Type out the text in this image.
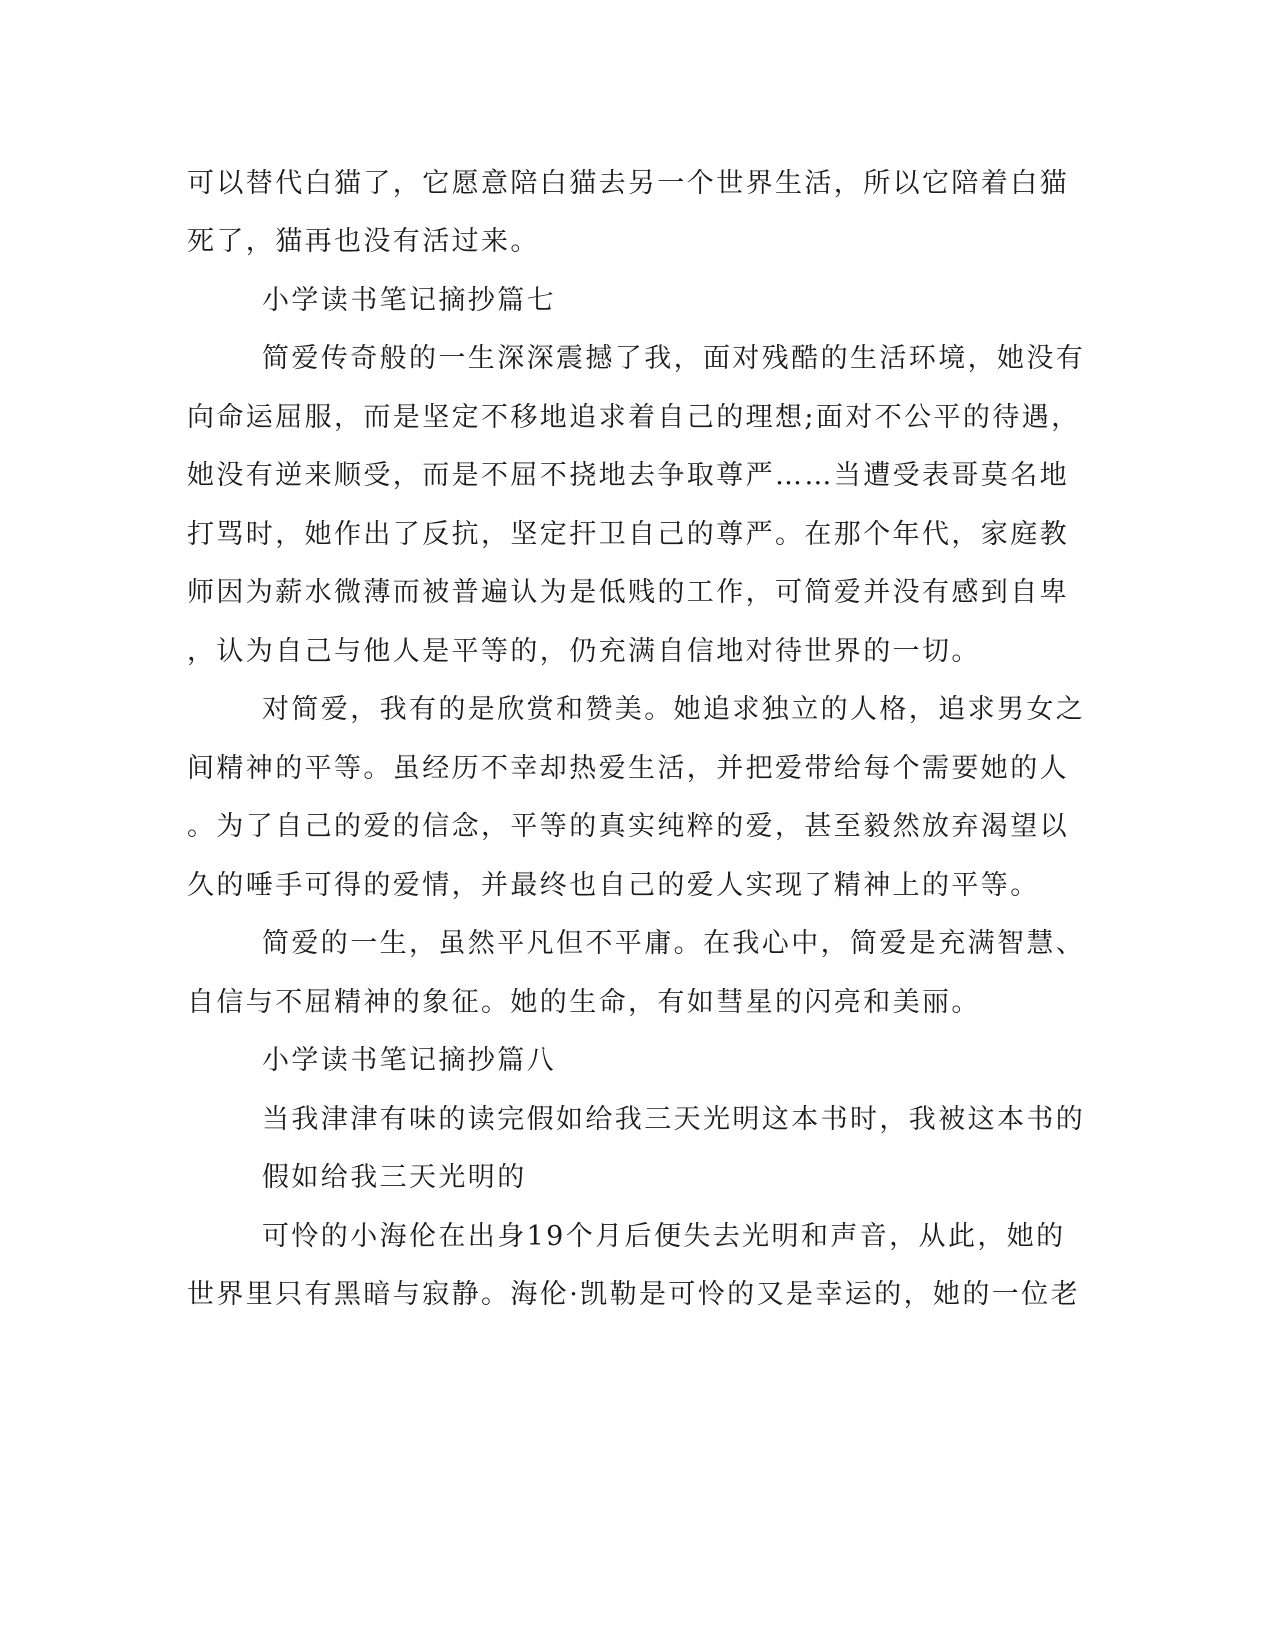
可以替代白猫了，它愿意陪白猫去另一个世界生活，所以它陪着白猫
死了，猫再也没有活过来。
小学读书笔记摘抄篇七
简爱传奇般的一生深深震撼了我，面对残酷的生活环境，她没有
向命运屈服，而是坚定不移地追求着自己的理想;面对不公平的待遇，
她没有逆来顺受，而是不屈不挠地去争取尊严……当遭受表哥莫名地
打骂时，她作出了反抗，坚定扞卫自己的尊严。在那个年代，家庭教
师因为薪水微薄而被普遍认为是低贱的工作，可简爱并没有感到自卑
，认为自己与他人是平等的，仍充满自信地对待世界的一切。
对简爱，我有的是欣赏和赞美。她追求独立的人格，追求男女之
间精神的平等。虽经历不幸却热爱生活，并把爱带给每个需要她的人
。为了自己的爱的信念，平等的真实纯粹的爱，甚至毅然放弃渴望以
久的唾手可得的爱情，并最终也自己的爱人实现了精神上的平等。
简爱的一生，虽然平凡但不平庸。在我心中，简爱是充满智慧、
自信与不屈精神的象征。她的生命，有如彗星的闪亮和美丽。
小学读书笔记摘抄篇八
当我津津有味的读完假如给我三天光明这本书时，我被这本书的
假如给我三天光明的
可怜的小海伦在出身19个月后便失去光明和声音，从此，她的
世界里只有黑暗与寂静。海伦·凯勒是可怜的又是幸运的，她的一位老
